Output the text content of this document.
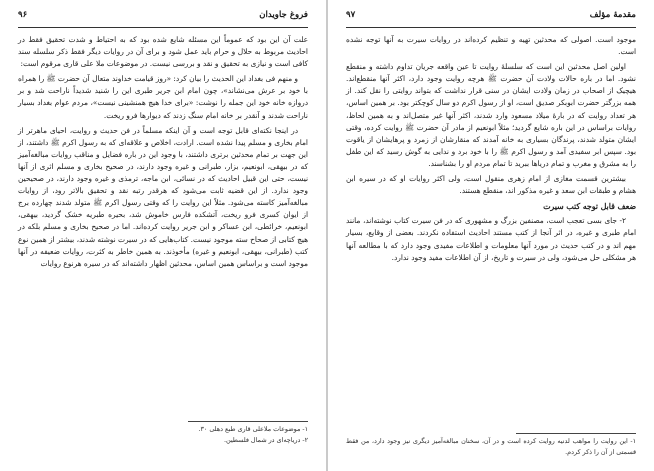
فروغ جاویدان
۹۶

علت آن این بود که عموماً این مسئله شایع شده بود که به احتیاط و شدت تحقیق فقط در احادیث مربوط به حلال و حرام باید عمل شود و برای آن در روایات دیگر فقط ذکر سلسله سند کافی است و نیازی به تحقیق و نقد و بررسی نیست. در موضوعات ملا علی قاری مرقوم است:

و منهم فی بغداد این الحدیث را بیان کرد: «روز قیامت خداوند متعال آن حضرت ﷺ را همراه با خود بر عرش می‌نشاند»، چون امام ابن جریر طبری این را شنید شدیداً ناراحت شد و بر دروازه خانه خود این جمله را نوشت: «برای خدا هیچ همنشینی نیست»، مردم عوام بغداد بسیار ناراحت شدند و آنقدر بر خانه امام سنگ زدند که دیوارها فرو ریخت.

در اینجا نکته‌ای قابل توجه است و آن اینکه مسلماً در فن حدیث و روایت، احیای ماهرتر از امام بخاری و مسلم پیدا نشده است. ارادت، اخلاص و علاقه‌ای که به رسول اکرم ﷺ داشتند، از این جهت بر تمام محدثین برتری داشتند، با وجود این در باره فضایل و مناقب روایات مبالغه‌آمیز که در بیهقی، ابونعیم، بزار، طبرانی و غیره وجود دارند، در صحیح بخاری و مسلم اثری از آنها نیست، حتی این قبیل احادیث که در نسائی، ابن ماجه، ترمذی و غیره وجود دارند، در صحیحین وجود ندارد. از این قضیه ثابت می‌شود که هرقدر رتبه نقد و تحقیق بالاتر رود، از روایات مبالغه‌آمیز کاسته می‌شود. مثلاً این روایت را که وقتی رسول اکرم ﷺ متولد شدند چهارده برج از ایوان کسری فرو ریخت، آتشکده فارس خاموش شد، بحیره طبریه خشک گردید، بیهقی، ابونعیم، خرائطی، ابن عساکر و ابن جریر روایت کرده‌اند. اما در صحیح بخاری و مسلم بلکه در هیچ کتابی از صحاح سته موجود نیست. کتاب‌هایی که در سیرت نوشته شدند، بیشتر از همین نوع کتب (طبرانی، بیهقی، ابونعیم و غیره) مأخوذند. به همین خاطر به کثرت، روایات ضعیفه در آنها موجود است و براساس همین اساس، محدثین اظهار داشته‌اند که در سیره هرنوع روایات

۱- موضوعات ملاعلی قاری طبع دهلی ۳۰.
۲- دریاچه‌ای در شمال فلسطین.
مقدمهٔ مؤلف
۹۷

موجود است. اصولی که محدثین تهیه و تنظیم کرده‌اند در روایات سیرت به آنها توجه نشده است.

اولین اصل محدثین این است که سلسلهٔ روایت تا عین واقعه جریان تداوم داشته و منقطع نشود. اما در باره حالات ولادت آن حضرت ﷺ هرچه روایت وجود دارد، اکثر آنها منقطع‌اند. هیچیک از اصحاب در زمان ولادت ایشان در سنی قرار نداشت که بتواند روایتی را نقل کند. از همه بزرگتر حضرت ابوبکر صدیق است، او از رسول اکرم دو سال کوچکتر بود. بر همین اساس، هر تعداد روایت که در بارهٔ میلاد مسعود وارد شدند، اکثر آنها غیر متصل‌اند و به همین لحاظ، روایات براساس در این باره شایع گردید؛ مثلاً ابونعیم از مادر آن حضرت ﷺ روایت کرده، وقتی ایشان متولد شدند، پرندگان بسیاری به خانه آمدند که منقارشان از زمرد و پرهایشان از یاقوت بود. سپس ابر سفیدی آمد و رسول اکرم ﷺ را با خود برد و ندایی به گوش رسید که این طفل را به مشرق و مغرب و تمام دریاها ببرید تا تمام مردم او را بشناسند.

بیشترین قسمت مغازی از امام زهری منقول است، ولی اکثر روایات او که در سیره ابن هشام و طبقات ابن سعد و غیره مذکور اند، منقطع هستند.

ضعف قابل توجه کتب سیرت

۲- جای بسی تعجب است، مصنفین بزرگ و مشهوری که در فن سیرت کتاب نوشته‌اند، مانند امام طبری و غیره، در اثر آنجا از کتب مستند احادیث استفاده نکردند. بعضی از وقایع، بسیار مهم اند و در کتب حدیث در مورد آنها معلومات و اطلاعات مفیدی وجود دارد که با مطالعه آنها هر مشکلی حل می‌شود، ولی در سیرت و تاریخ، از آن اطلاعات مفید وجود ندارد.

۱- این روایت را مواهب لدنیه روایت کرده است و در آن، سخنان مبالغه‌آمیز دیگری نیز وجود دارد، من فقط قسمتی از آن را ذکر کردم.
